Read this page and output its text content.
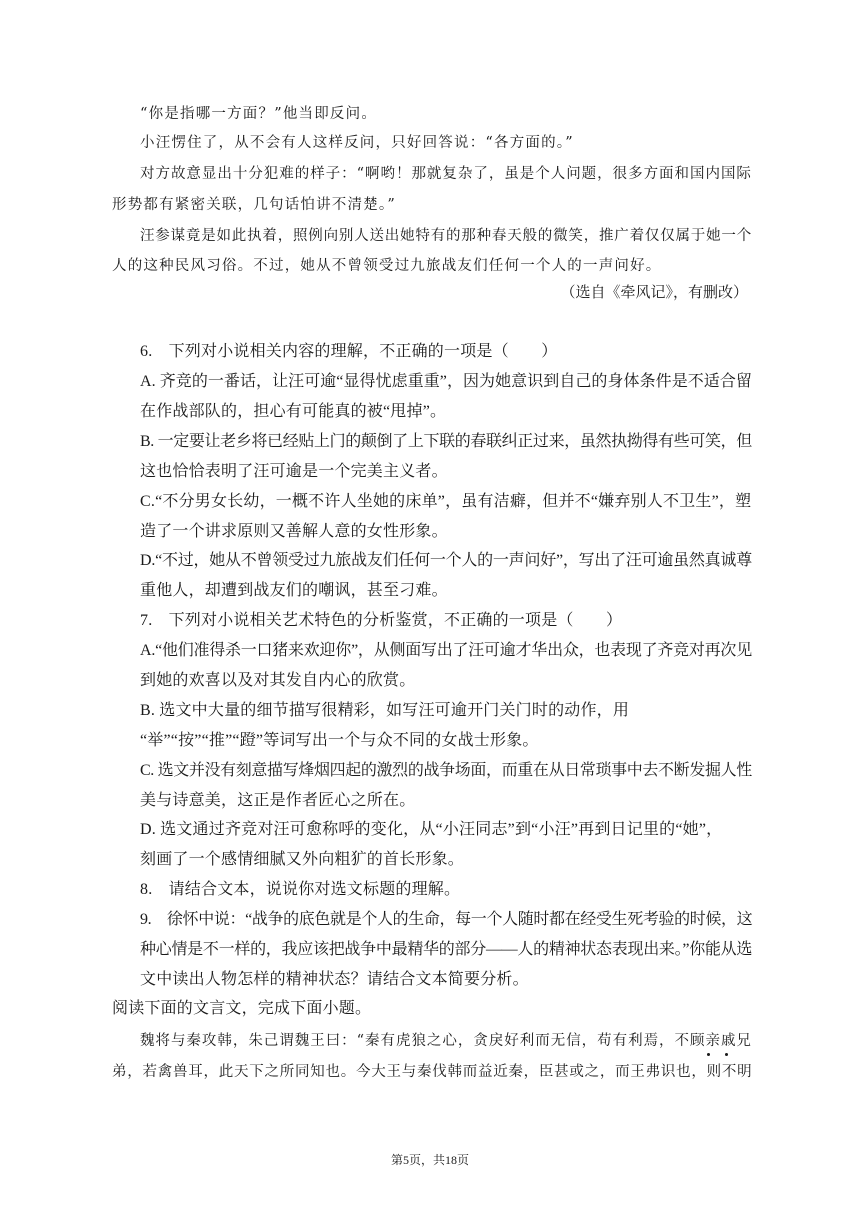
“你是指哪一方面？”他当即反问。
小汪愣住了，从不会有人这样反问，只好回答说：“各方面的。”
对方故意显出十分犯难的样子：“啊哟！那就复杂了，虽是个人问题，很多方面和国内国际
形势都有紧密关联，几句话怕讲不清楚。”
汪参谋竟是如此执着，照例向别人送出她特有的那种春天般的微笑，推广着仅仅属于她一个
人的这种民风习俗。不过，她从不曾领受过九旅战友们任何一个人的一声问好。
（选自《牵风记》，有删改）
6.　下列对小说相关内容的理解，不正确的一项是（　　）
A. 齐竞的一番话，让汪可逾“显得忧虑重重”，因为她意识到自己的身体条件是不适合留
在作战部队的，担心有可能真的被“甩掉”。
B. 一定要让老乡将已经贴上门的颠倒了上下联的春联纠正过来，虽然执拗得有些可笑，但
这也恰恰表明了汪可逾是一个完美主义者。
C.“不分男女长幼，一概不许人坐她的床单”，虽有洁癖，但并不“嫌弃别人不卫生”，塑
造了一个讲求原则又善解人意的女性形象。
D.“不过，她从不曾领受过九旅战友们任何一个人的一声问好”，写出了汪可逾虽然真诚尊
重他人，却遭到战友们的嘲讽，甚至刁难。
7.　下列对小说相关艺术特色的分析鉴赏，不正确的一项是（　　）
A.“他们准得杀一口猪来欢迎你”，从侧面写出了汪可逾才华出众，也表现了齐竞对再次见
到她的欢喜以及对其发自内心的欣赏。
B. 选文中大量的细节描写很精彩，如写汪可逾开门关门时的动作，用
“举”“按”“推”“蹬”等词写出一个与众不同的女战士形象。
C. 选文并没有刻意描写烽烟四起的激烈的战争场面，而重在从日常琐事中去不断发掘人性
美与诗意美，这正是作者匠心之所在。
D. 选文通过齐竞对汪可愈称呼的变化，从“小汪同志”到“小汪”再到日记里的“她”，
刻画了一个感情细腻又外向粗犷的首长形象。
8.　请结合文本，说说你对选文标题的理解。
9.　徐怀中说：“战争的底色就是个人的生命，每一个人随时都在经受生死考验的时候，这
种心情是不一样的，我应该把战争中最精华的部分——人的精神状态表现出来。”你能从选
文中读出人物怎样的精神状态？请结合文本简要分析。
阅读下面的文言文，完成下面小题。
魏将与秦攻韩，朱己谓魏王曰：“秦有虎狼之心，贪戾好利而无信，苟有利焉，不顾亲戚兄
弟，若禽兽耳，此天下之所同知也。今大王与秦伐韩而益近秦，臣甚或之，而王弗识也，则不明
第5页，共18页
